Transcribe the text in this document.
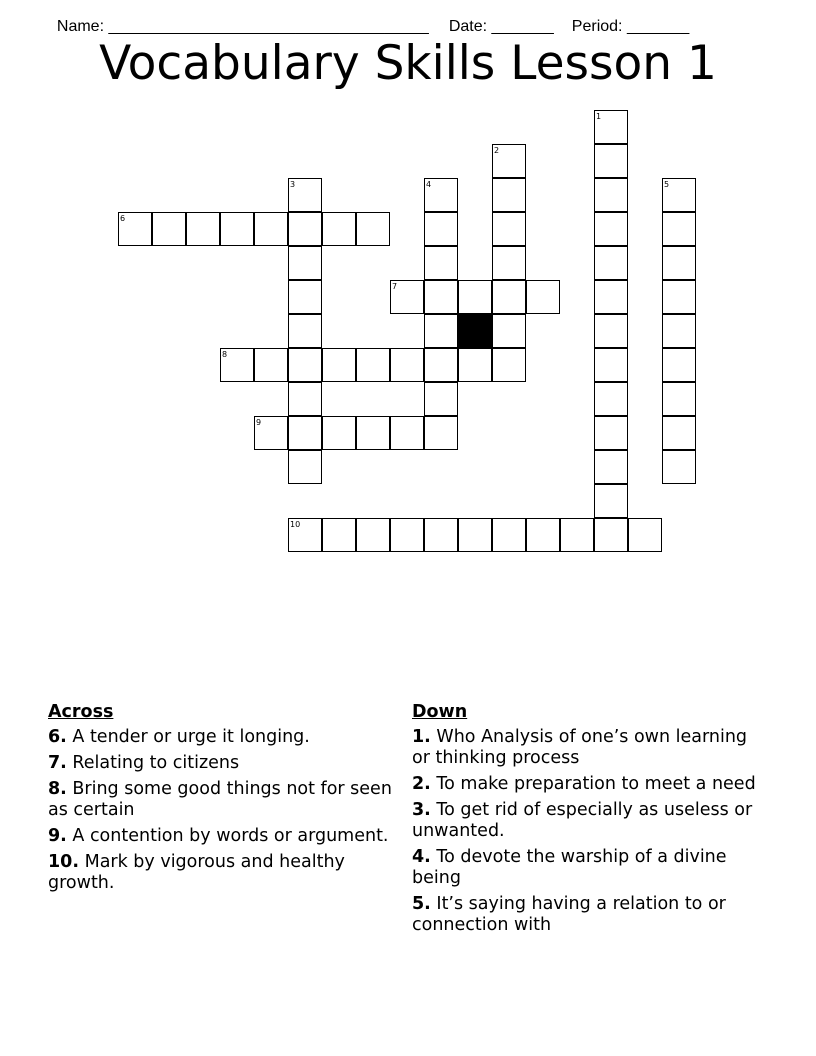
Name: ____________________________________ Date: _______ Period: _______

Vocabulary Skills Lesson 1
1
2
3	4	5
6
7
8
9
10
Across
6. A tender or urge it longing.
7. Relating to citizens
8. Bring some good things not for seen as certain
9. A contention by words or argument.
10. Mark by vigorous and healthy growth.
Down
1. Who Analysis of one’s own learning or thinking process
2. To make preparation to meet a need
3. To get rid of especially as useless or unwanted.
4. To devote the warship of a divine being
5. It’s saying having a relation to or connection with
